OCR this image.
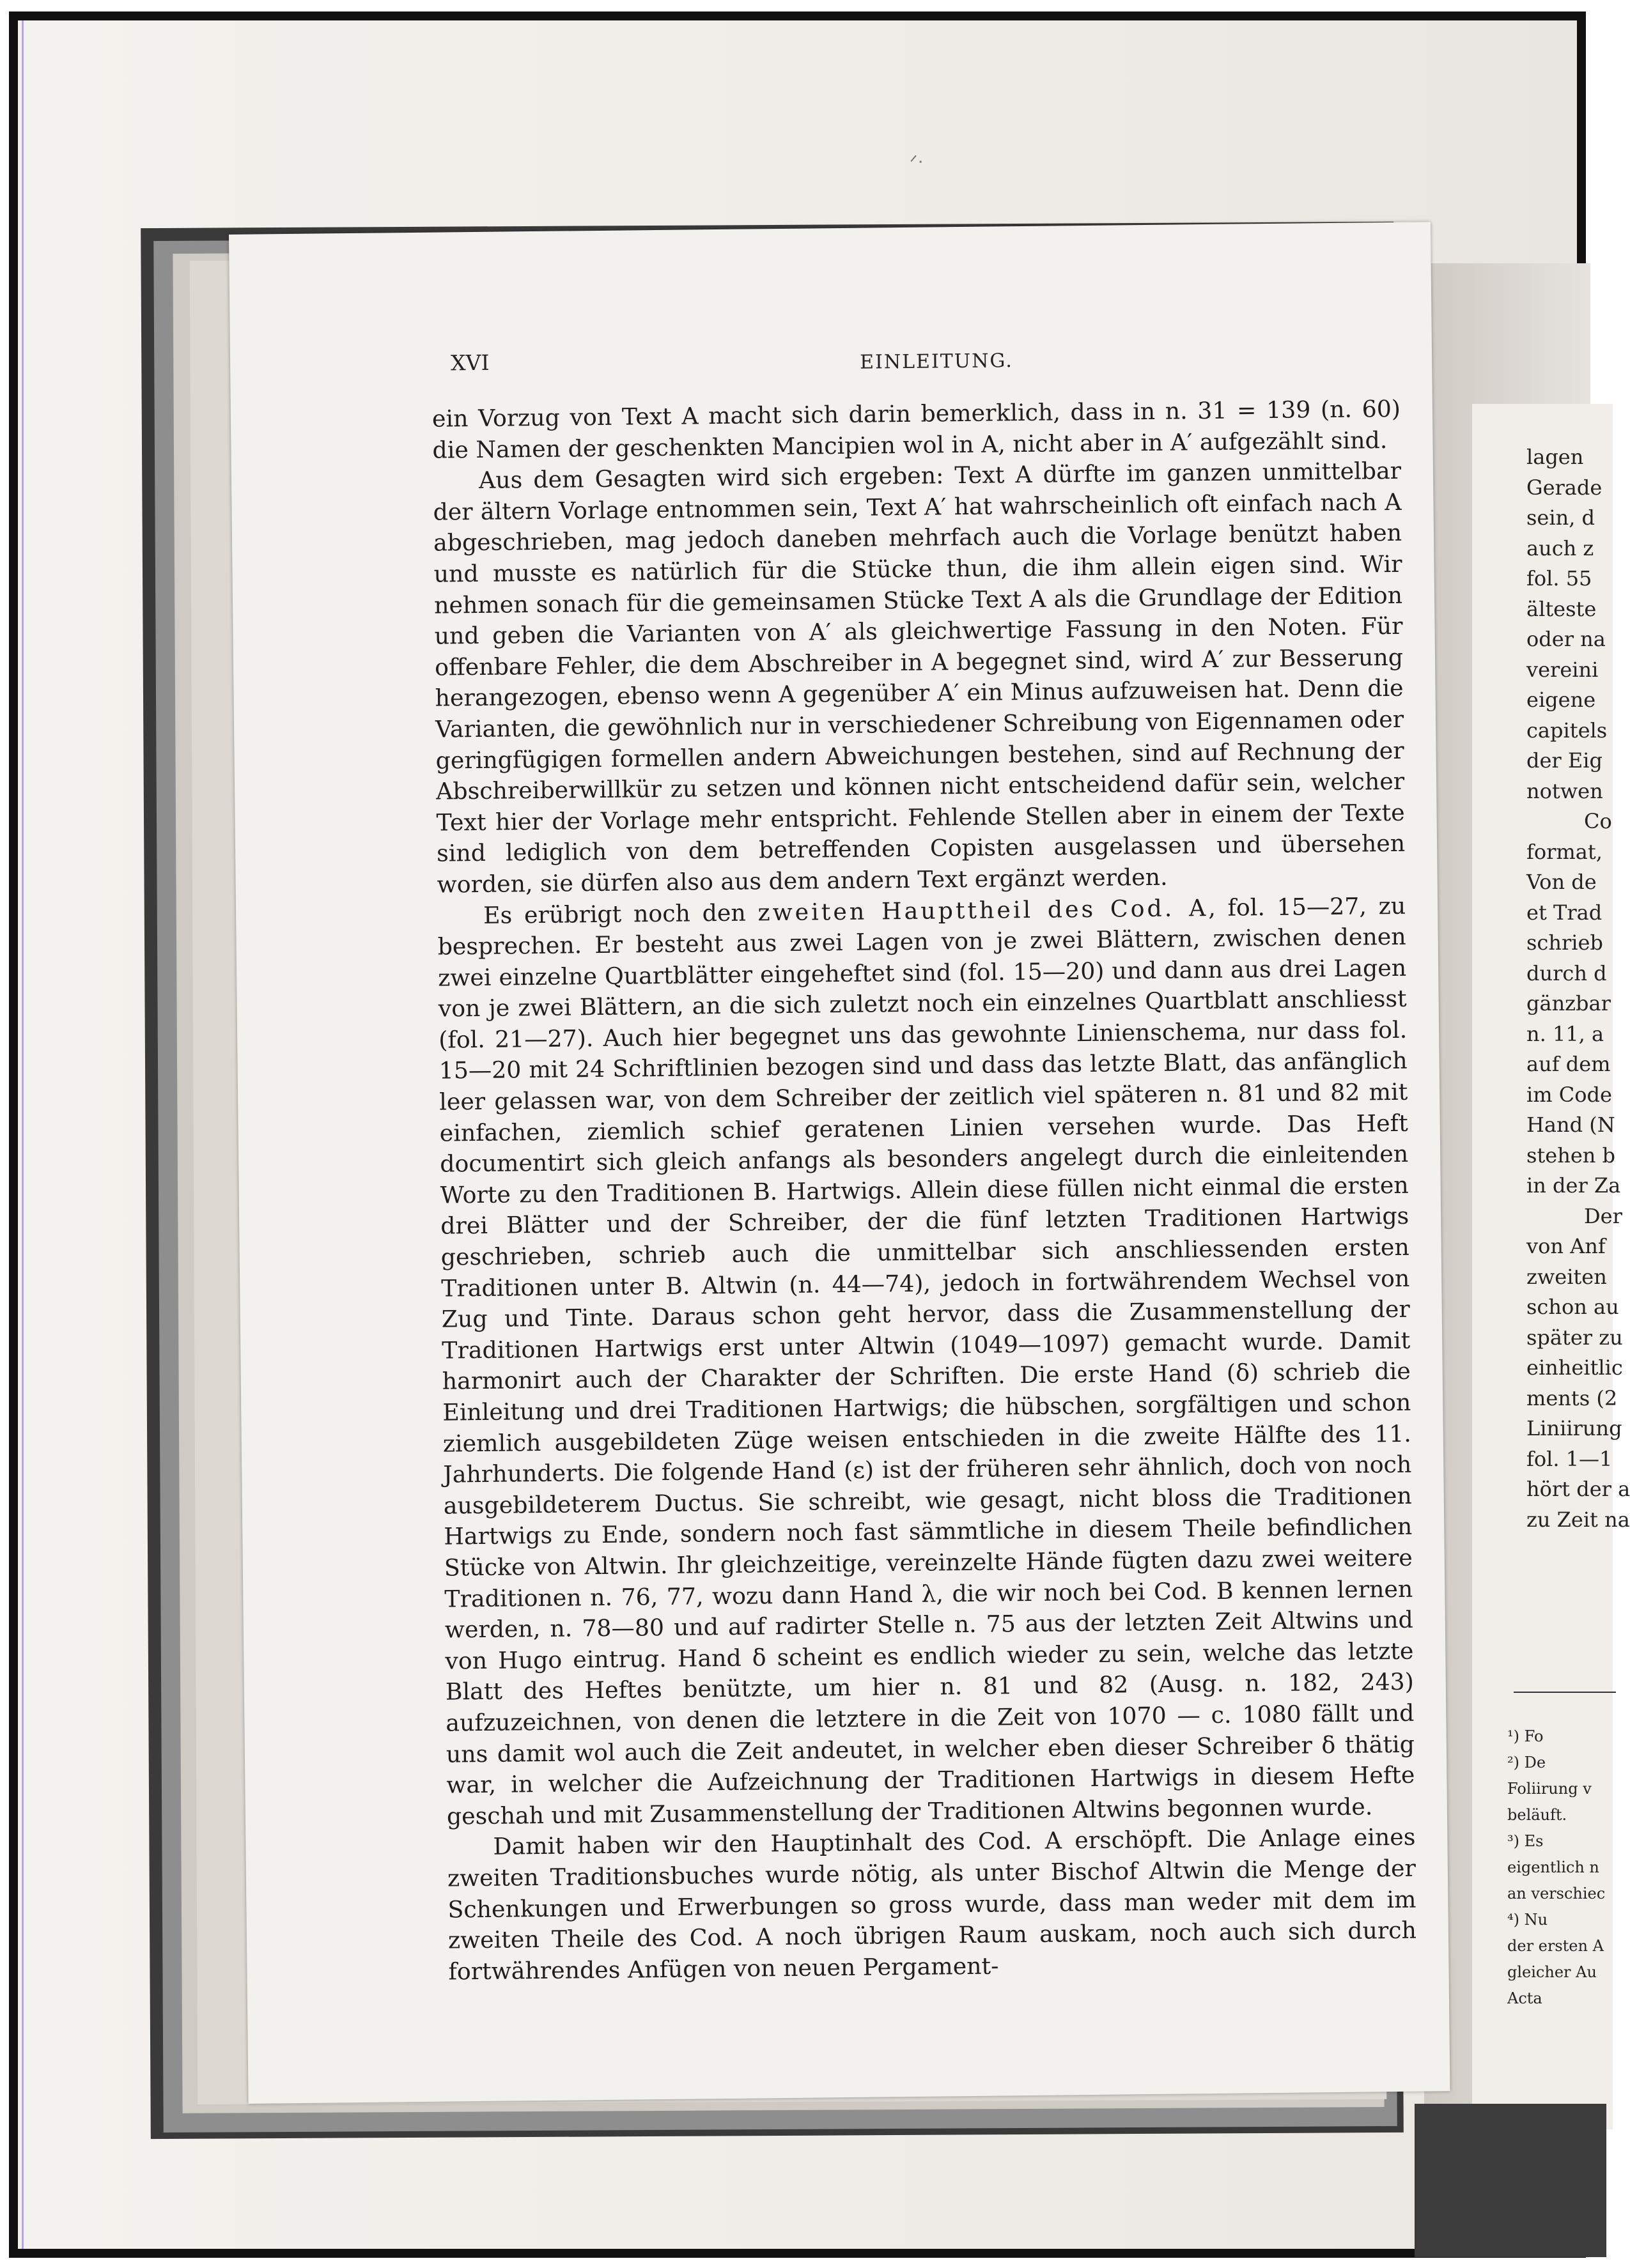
ᐟᐧ
XVI	EINLEITUNG.

ein Vorzug von Text A macht sich darin bemerklich, dass in n. 31 = 139 (n. 60) die Namen der geschenkten Mancipien wol in A, nicht aber in A′ aufgezählt sind.

Aus dem Gesagten wird sich ergeben: Text A dürfte im ganzen unmittelbar der ältern Vorlage entnommen sein, Text A′ hat wahrscheinlich oft einfach nach A abgeschrieben, mag jedoch daneben mehrfach auch die Vorlage benützt haben und musste es natürlich für die Stücke thun, die ihm allein eigen sind. Wir nehmen sonach für die gemeinsamen Stücke Text A als die Grundlage der Edition und geben die Varianten von A′ als gleichwertige Fassung in den Noten. Für offenbare Fehler, die dem Abschreiber in A begegnet sind, wird A′ zur Besserung herangezogen, ebenso wenn A gegenüber A′ ein Minus aufzuweisen hat. Denn die Varianten, die gewöhnlich nur in verschiedener Schreibung von Eigennamen oder geringfügigen formellen andern Abweichungen bestehen, sind auf Rechnung der Abschreiberwillkür zu setzen und können nicht entscheidend dafür sein, welcher Text hier der Vorlage mehr entspricht. Fehlende Stellen aber in einem der Texte sind lediglich von dem betreffenden Copisten ausgelassen und übersehen worden, sie dürfen also aus dem andern Text ergänzt werden.

Es erübrigt noch den zweiten Haupttheil des Cod. A, fol. 15—27, zu besprechen. Er besteht aus zwei Lagen von je zwei Blättern, zwischen denen zwei einzelne Quartblätter eingeheftet sind (fol. 15—20) und dann aus drei Lagen von je zwei Blättern, an die sich zuletzt noch ein einzelnes Quartblatt anschliesst (fol. 21—27). Auch hier begegnet uns das gewohnte Linienschema, nur dass fol. 15—20 mit 24 Schriftlinien bezogen sind und dass das letzte Blatt, das anfänglich leer gelassen war, von dem Schreiber der zeitlich viel späteren n. 81 und 82 mit einfachen, ziemlich schief geratenen Linien versehen wurde. Das Heft documentirt sich gleich anfangs als besonders angelegt durch die einleitenden Worte zu den Traditionen B. Hartwigs. Allein diese füllen nicht einmal die ersten drei Blätter und der Schreiber, der die fünf letzten Traditionen Hartwigs geschrieben, schrieb auch die unmittelbar sich anschliessenden ersten Traditionen unter B. Altwin (n. 44—74), jedoch in fortwährendem Wechsel von Zug und Tinte. Daraus schon geht hervor, dass die Zusammenstellung der Traditionen Hartwigs erst unter Altwin (1049—1097) gemacht wurde. Damit harmonirt auch der Charakter der Schriften. Die erste Hand (δ) schrieb die Einleitung und drei Traditionen Hartwigs; die hübschen, sorgfältigen und schon ziemlich ausgebildeten Züge weisen entschieden in die zweite Hälfte des 11. Jahrhunderts. Die folgende Hand (ε) ist der früheren sehr ähnlich, doch von noch ausgebildeterem Ductus. Sie schreibt, wie gesagt, nicht bloss die Traditionen Hartwigs zu Ende, sondern noch fast sämmtliche in diesem Theile befindlichen Stücke von Altwin. Ihr gleichzeitige, vereinzelte Hände fügten dazu zwei weitere Traditionen n. 76, 77, wozu dann Hand λ, die wir noch bei Cod. B kennen lernen werden, n. 78—80 und auf radirter Stelle n. 75 aus der letzten Zeit Altwins und von Hugo eintrug. Hand δ scheint es endlich wieder zu sein, welche das letzte Blatt des Heftes benützte, um hier n. 81 und 82 (Ausg. n. 182, 243) aufzuzeichnen, von denen die letztere in die Zeit von 1070 — c. 1080 fällt und uns damit wol auch die Zeit andeutet, in welcher eben dieser Schreiber δ thätig war, in welcher die Aufzeichnung der Traditionen Hartwigs in diesem Hefte geschah und mit Zusammenstellung der Traditionen Altwins begonnen wurde.

Damit haben wir den Hauptinhalt des Cod. A erschöpft. Die Anlage eines zweiten Traditionsbuches wurde nötig, als unter Bischof Altwin die Menge der Schenkungen und Erwerbungen so gross wurde, dass man weder mit dem im zweiten Theile des Cod. A noch übrigen Raum auskam, noch auch sich durch fortwährendes Anfügen von neuen Pergament-

lagen
Gerade
sein, d
auch z
fol. 55
älteste
oder na
vereini
eigene
capitels
der Eig
notwen
Co
format,
Von de
et Trad
schrieb
durch d
gänzbar
n. 11, a
auf dem
im Code
Hand (N
stehen b
in der Za
Der
von Anf
zweiten
schon au
später zu
einheitlic
ments (2
Liniirung
fol. 1—1
hört der a
zu Zeit na
¹) Fo
²) De
Foliirung v
beläuft.
³) Es
eigentlich n
an verschiec
⁴) Nu
der ersten A
gleicher Au
Acta
